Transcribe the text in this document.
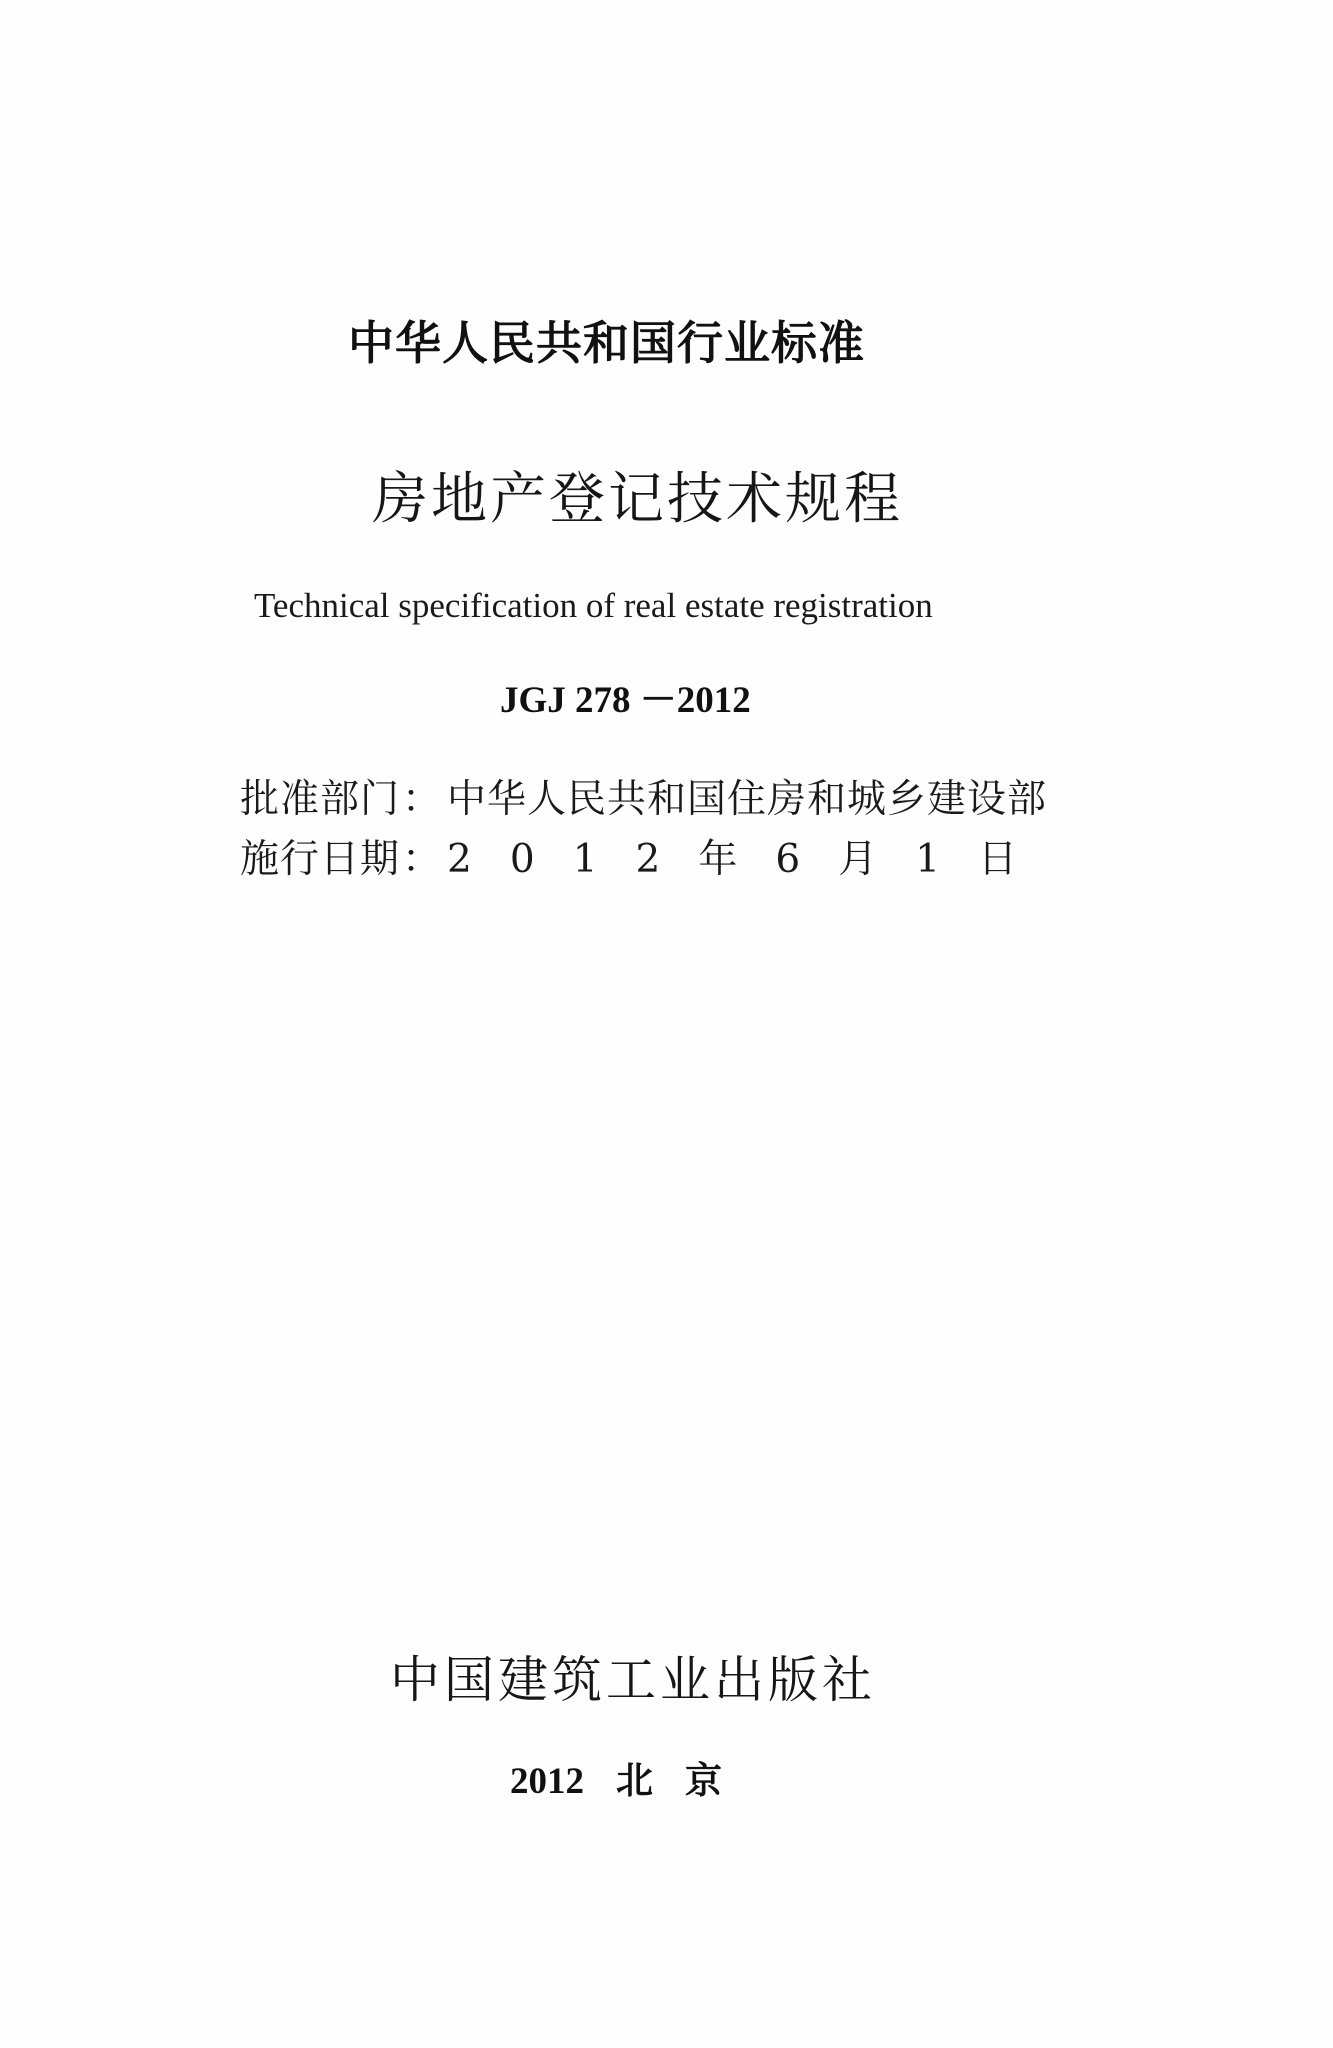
中华人民共和国行业标准
房地产登记技术规程
Technical specification of real estate registration
JGJ 278 －2012
批准部门 ： 中华人民共和国住房和城乡建设部
施行日期 ： 2 0 1 2 年 6 月 1 日
中国建筑工业出版社
2012 北 京
